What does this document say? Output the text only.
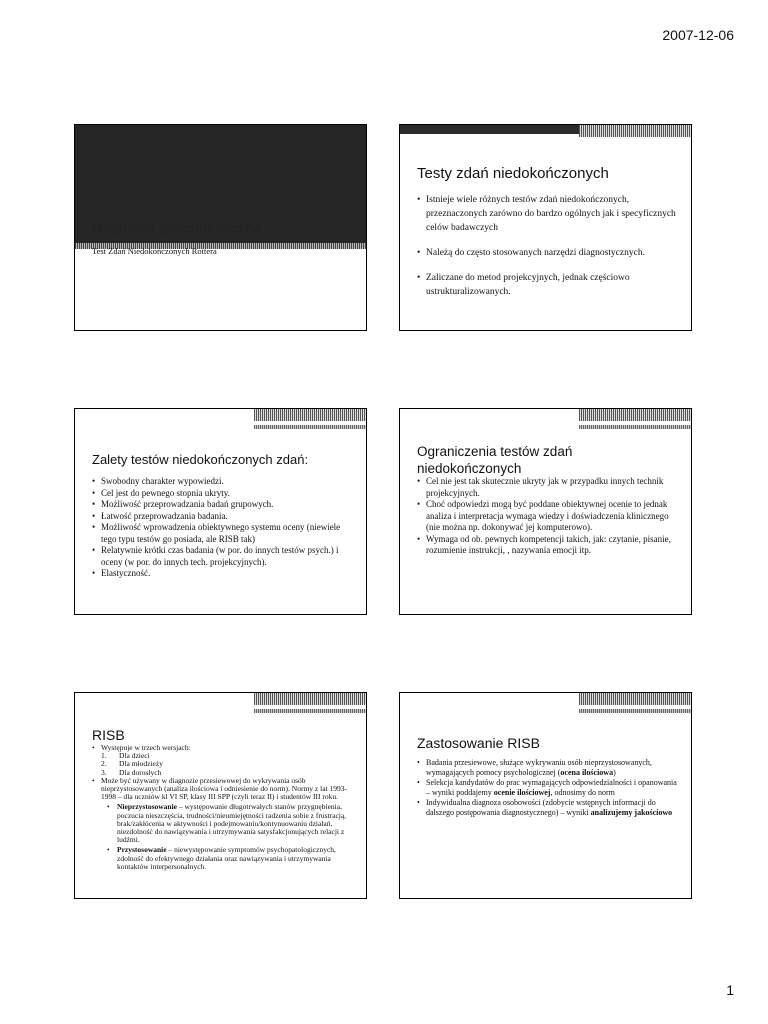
2007-12-06
Diagnoza psychologiczna
Test Zdań Niedokończonych Rottera
Testy zdań niedokończonych
• Istnieje wiele różnych testów zdań niedokończonych, przeznaczonych zarówno do bardzo ogólnych jak i specyficznych celów badawczych
• Należą do często stosowanych narzędzi diagnostycznych.
• Zaliczane do metod projekcyjnych, jednak częściowo ustrukturalizowanych.
Zalety testów niedokończonych zdań:
• Swobodny charakter wypowiedzi.
• Cel jest do pewnego stopnia ukryty.
• Możliwość przeprowadzania badań grupowych.
• Łatwość przeprowadzania badania.
• Możliwość wprowadzenia obiektywnego systemu oceny (niewiele tego typu testów go posiada, ale RISB tak)
• Relatywnie krótki czas badania (w por. do innych testów psych.) i oceny (w por. do innych tech. projekcyjnych).
• Elastyczność.
Ograniczenia testów zdań niedokończonych
• Cel nie jest tak skutecznie ukryty jak w przypadku innych technik projekcyjnych.
• Choć odpowiedzi mogą być poddane obiektywnej ocenie to jednak analiza i interpretacja wymaga wiedzy i doświadczenia klinicznego (nie można np. dokonywać jej komputerowo).
• Wymaga od ob. pewnych kompetencji takich, jak: czytanie, pisanie, rozumienie instrukcji, , nazywania emocji itp.
RISB
• Występuje w trzech wersjach:
1. Dla dzieci
2. Dla młodzieży
3. Dla dorosłych
• Może być używany w diagnozie przesiewowej do wykrywania osób nieprzystosowanych (analiza ilościowa i odniesienie do norm). Normy z lat 1993-1998 – dla uczniów kl VI SP, klasy III SPP (czyli teraz II) i studentów III roku.
• Nieprzystosowanie – występowanie długotrwałych stanów przygnębienia, poczucia nieszczęścia, trudności/nieumiejętności radzenia sobie z frustracją, brak/zakłócenia w aktywności i podejmowaniu/kontynuowaniu działań, niezdolność do nawiązywania i utrzymywania satysfakcjonujących relacji z ludźmi.
• Przystosowanie – niewystępowanie symptomów psychopatologicznych, zdolność do efektywnego działania oraz nawiązywania i utrzymywania kontaktów interpersonalnych.
Zastosowanie RISB
• Badania przesiewowe, służące wykrywaniu osób nieprzystosowanych, wymagających pomocy psychologicznej (ocena ilościowa)
• Selekcja kandydatów do prac wymagających odpowiedzialności i opanowania – wyniki poddajemy ocenie ilościowej, odnosimy do norm
• Indywidualna diagnoza osobowości (zdobycie wstępnych informacji do dalszego postępowania diagnostycznego) – wyniki analizujemy jakościowo
1
